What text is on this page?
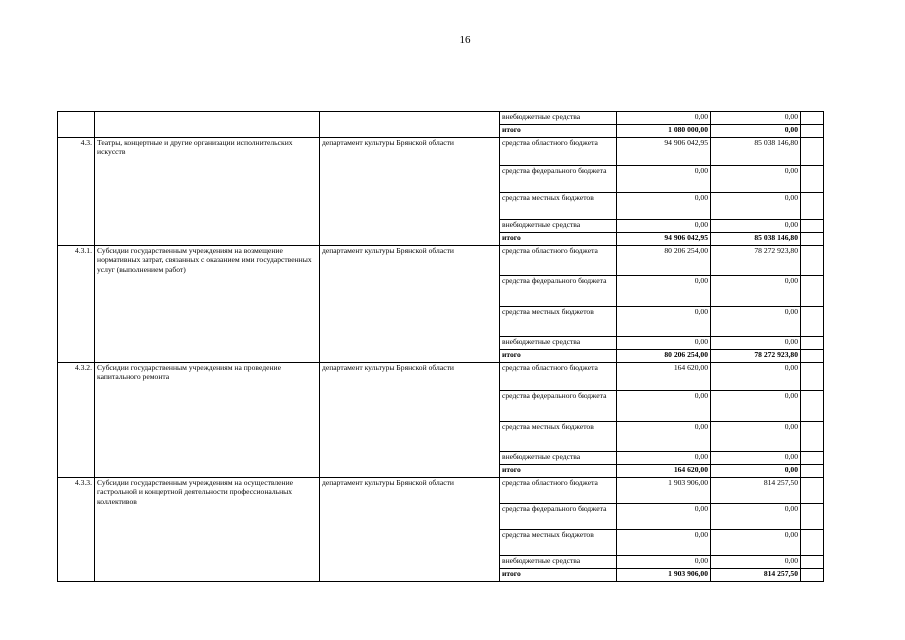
16
			внебюджетные средства	0,00	0,00	
			итого	1 080 000,00	0,00	
4.3.	Театры, концертные и другие организации исполнительских искусств	департамент культуры Брянской области	средства областного бюджета	94 906 042,95	85 038 146,80	
			средства федерального бюджета	0,00	0,00	
			средства местных бюджетов	0,00	0,00	
			внебюджетные средства	0,00	0,00	
			итого	94 906 042,95	85 038 146,80	
4.3.1.	Субсидии государственным учреждениям на возмещение нормативных затрат, связанных с оказанием ими государственных услуг (выполнением работ)	департамент культуры Брянской области	средства областного бюджета	80 206 254,00	78 272 923,80	
			средства федерального бюджета	0,00	0,00	
			средства местных бюджетов	0,00	0,00	
			внебюджетные средства	0,00	0,00	
			итого	80 206 254,00	78 272 923,80	
4.3.2.	Субсидии государственным учреждениям на проведение капитального ремонта	департамент культуры Брянской области	средства областного бюджета	164 620,00	0,00	
			средства федерального бюджета	0,00	0,00	
			средства местных бюджетов	0,00	0,00	
			внебюджетные средства	0,00	0,00	
			итого	164 620,00	0,00	
4.3.3.	Субсидии государственным учреждениям на осуществление гастрольной и концертной деятельности профессиональных коллективов	департамент культуры Брянской области	средства областного бюджета	1 903 906,00	814 257,50	
			средства федерального бюджета	0,00	0,00	
			средства местных бюджетов	0,00	0,00	
			внебюджетные средства	0,00	0,00	
			итого	1 903 906,00	814 257,50	
